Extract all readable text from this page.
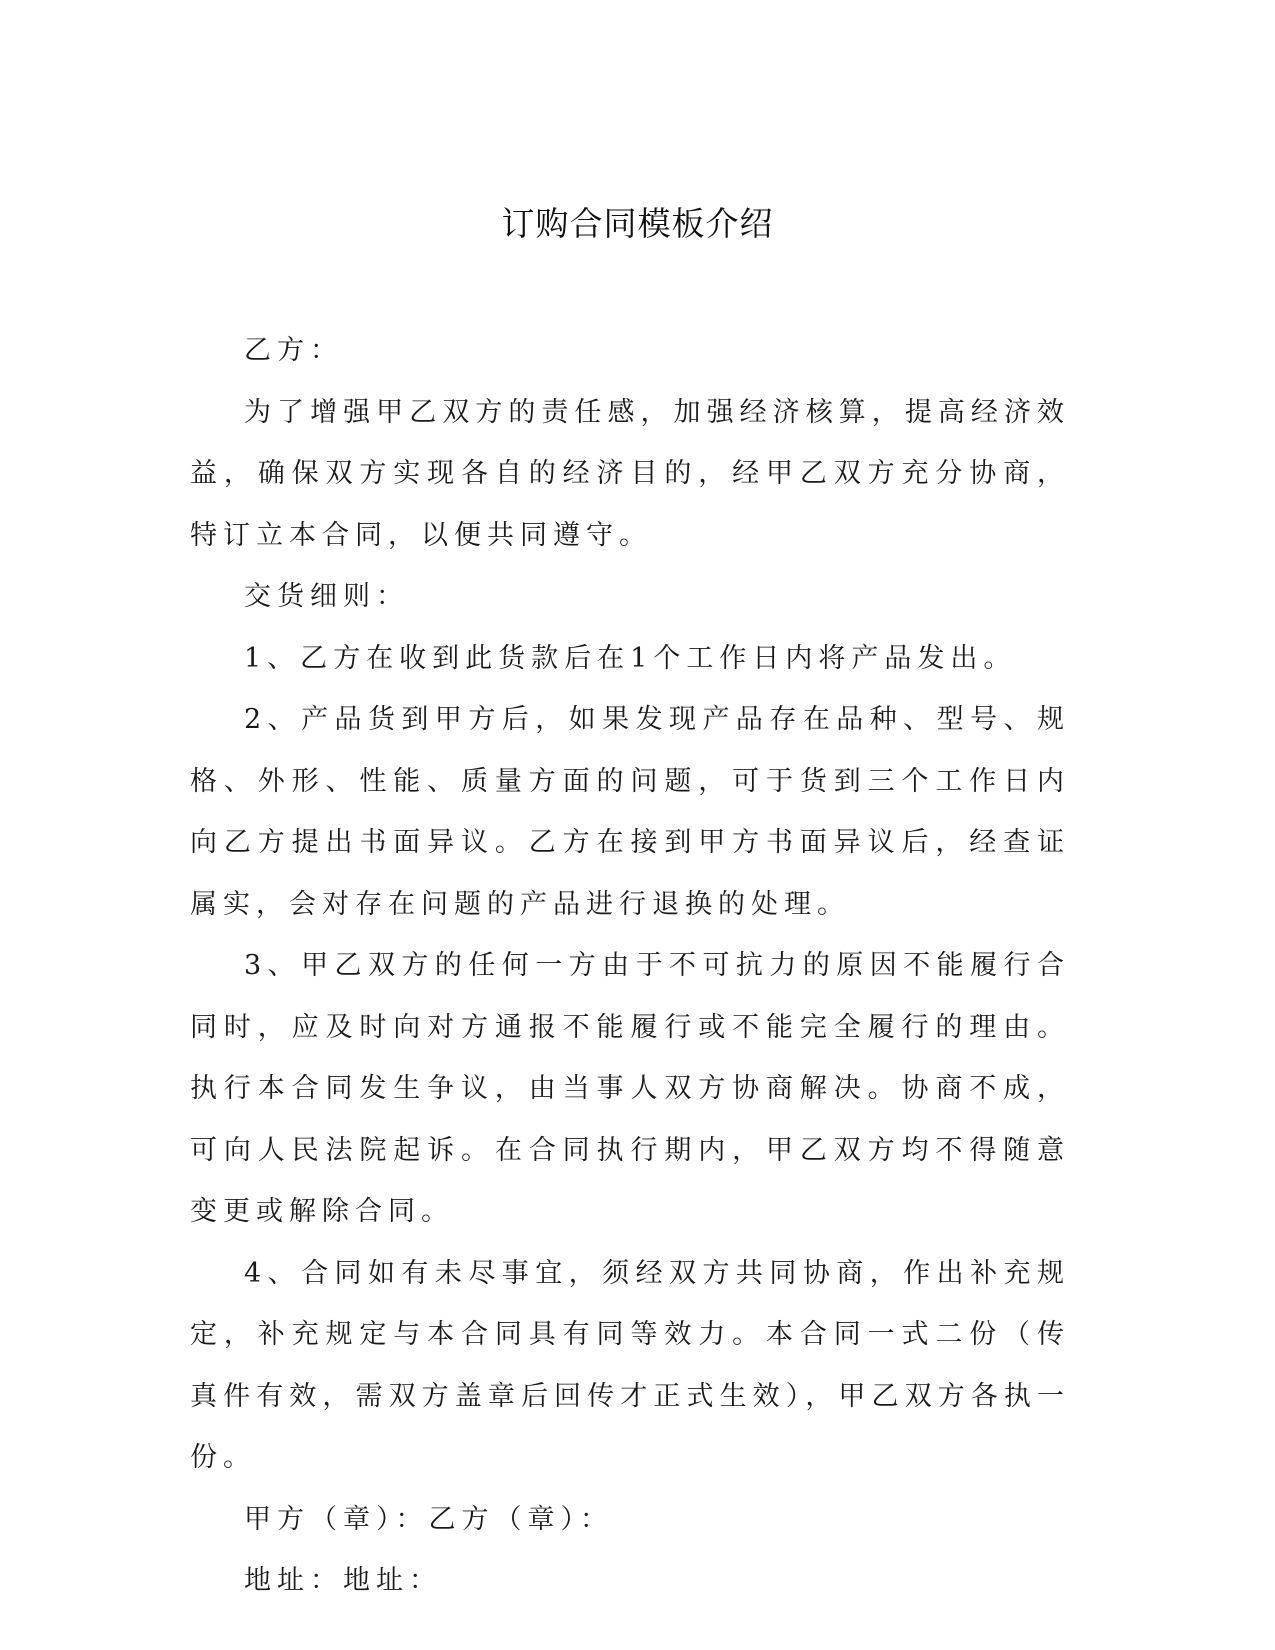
订购合同模板介绍

乙方：

为了增强甲乙双方的责任感，加强经济核算，提高经济效益，确保双方实现各自的经济目的，经甲乙双方充分协商，特订立本合同，以便共同遵守。

交货细则：

1、乙方在收到此货款后在1个工作日内将产品发出。

2、产品货到甲方后，如果发现产品存在品种、型号、规格、外形、性能、质量方面的问题，可于货到三个工作日内向乙方提出书面异议。乙方在接到甲方书面异议后，经查证属实，会对存在问题的产品进行退换的处理。

3、甲乙双方的任何一方由于不可抗力的原因不能履行合同时，应及时向对方通报不能履行或不能完全履行的理由。执行本合同发生争议，由当事人双方协商解决。协商不成，可向人民法院起诉。在合同执行期内，甲乙双方均不得随意变更或解除合同。

4、合同如有未尽事宜，须经双方共同协商，作出补充规定，补充规定与本合同具有同等效力。本合同一式二份（传真件有效，需双方盖章后回传才正式生效），甲乙双方各执一份。

甲方（章）：乙方（章）：

地址：地址：
